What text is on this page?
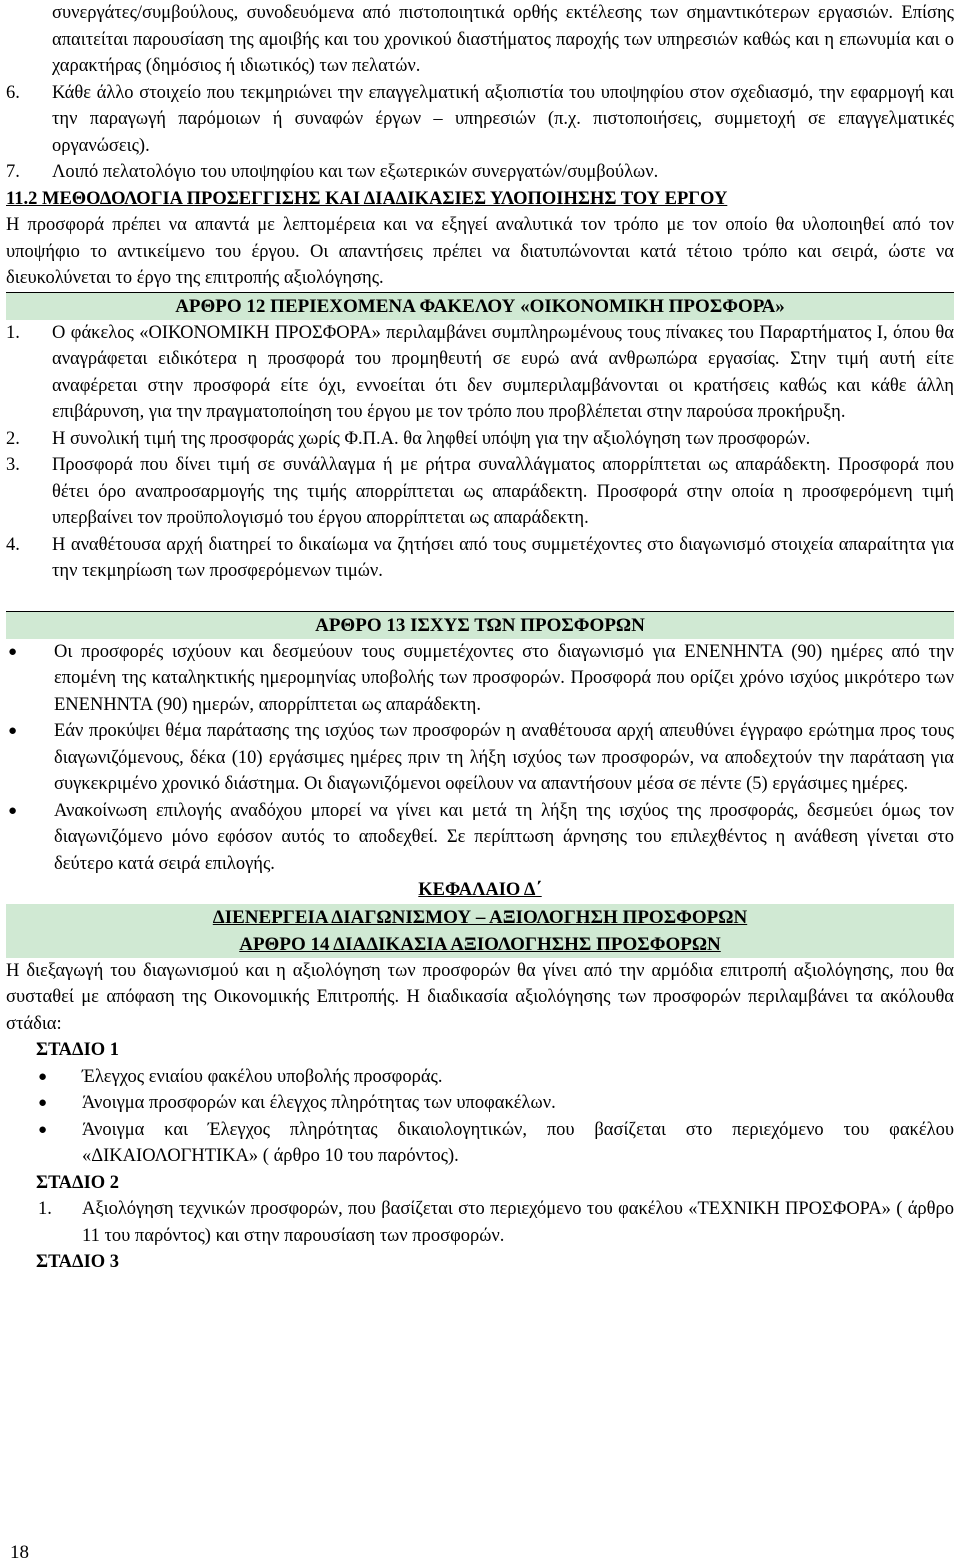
συνεργάτες/συμβούλους, συνοδευόμενα από πιστοποιητικά ορθής εκτέλεσης των σημαντικότερων εργασιών. Επίσης απαιτείται παρουσίαση της αμοιβής και του χρονικού διαστήματος παροχής των υπηρεσιών καθώς και η επωνυμία και ο χαρακτήρας (δημόσιος ή ιδιωτικός) των πελατών.

6.	Κάθε άλλο στοιχείο που τεκμηριώνει την επαγγελματική αξιοπιστία του υποψηφίου στον σχεδιασμό, την εφαρμογή και την παραγωγή παρόμοιων ή συναφών έργων – υπηρεσιών (π.χ. πιστοποιήσεις, συμμετοχή σε επαγγελματικές οργανώσεις).
7.	Λοιπό πελατολόγιο του υποψηφίου και των εξωτερικών συνεργατών/συμβούλων.

11.2 ΜΕΘΟΔΟΛΟΓΙΑ ΠΡΟΣΕΓΓΙΣΗΣ ΚΑΙ ΔΙΑΔΙΚΑΣΙΕΣ ΥΛΟΠΟΙΗΣΗΣ ΤΟΥ ΕΡΓΟΥ

Η προσφορά πρέπει να απαντά με λεπτομέρεια και να εξηγεί αναλυτικά τον τρόπο με τον οποίο θα υλοποιηθεί από τον υποψήφιο το αντικείμενο του έργου. Οι απαντήσεις πρέπει να διατυπώνονται κατά τέτοιο τρόπο και σειρά, ώστε να διευκολύνεται το έργο της επιτροπής αξιολόγησης.

ΑΡΘΡΟ 12 ΠΕΡΙΕΧΟΜΕΝΑ ΦΑΚΕΛΟΥ «ΟΙΚΟΝΟΜΙΚΗ ΠΡΟΣΦΟΡΑ»
1.	Ο φάκελος «ΟΙΚΟΝΟΜΙΚΗ ΠΡΟΣΦΟΡΑ» περιλαμβάνει συμπληρωμένους τους πίνακες του Παραρτήματος Ι, όπου θα αναγράφεται ειδικότερα η προσφορά του προμηθευτή σε ευρώ ανά ανθρωπώρα εργασίας. Στην τιμή αυτή είτε αναφέρεται στην προσφορά είτε όχι, εννοείται ότι δεν συμπεριλαμβάνονται οι κρατήσεις καθώς και κάθε άλλη επιβάρυνση, για την πραγματοποίηση του έργου με τον τρόπο που προβλέπεται στην παρούσα προκήρυξη.
2.	Η συνολική τιμή της προσφοράς χωρίς Φ.Π.Α. θα ληφθεί υπόψη για την αξιολόγηση των προσφορών.
3.	Προσφορά που δίνει τιμή σε συνάλλαγμα ή με ρήτρα συναλλάγματος απορρίπτεται ως απαράδεκτη. Προσφορά που θέτει όρο αναπροσαρμογής της τιμής απορρίπτεται ως απαράδεκτη. Προσφορά στην οποία η προσφερόμενη τιμή υπερβαίνει τον προϋπολογισμό του έργου απορρίπτεται ως απαράδεκτη.
4.	Η αναθέτουσα αρχή διατηρεί το δικαίωμα να ζητήσει από τους συμμετέχοντες στο διαγωνισμό στοιχεία απαραίτητα για την τεκμηρίωση των προσφερόμενων τιμών.
ΑΡΘΡΟ 13 ΙΣΧΥΣ ΤΩΝ ΠΡΟΣΦΟΡΩΝ
●	Οι προσφορές ισχύουν και δεσμεύουν τους συμμετέχοντες στο διαγωνισμό για ΕΝΕΝΗΝΤΑ (90) ημέρες από την επομένη της καταληκτικής ημερομηνίας υποβολής των προσφορών. Προσφορά που ορίζει χρόνο ισχύος μικρότερο των ΕΝΕΝΗΝΤΑ (90) ημερών, απορρίπτεται ως απαράδεκτη.
●	Εάν προκύψει θέμα παράτασης της ισχύος των προσφορών η αναθέτουσα αρχή απευθύνει έγγραφο ερώτημα προς τους διαγωνιζόμενους, δέκα (10) εργάσιμες ημέρες πριν τη λήξη ισχύος των προσφορών, να αποδεχτούν την παράταση για συγκεκριμένο χρονικό διάστημα. Οι διαγωνιζόμενοι οφείλουν να απαντήσουν μέσα σε πέντε (5) εργάσιμες ημέρες.
●	Ανακοίνωση επιλογής αναδόχου μπορεί να γίνει και μετά τη λήξη της ισχύος της προσφοράς, δεσμεύει όμως τον διαγωνιζόμενο μόνο εφόσον αυτός το αποδεχθεί. Σε περίπτωση άρνησης του επιλεχθέντος η ανάθεση γίνεται στο δεύτερο κατά σειρά επιλογής.

ΚΕΦΑΛΑΙΟ Δ΄

ΔΙΕΝΕΡΓΕΙΑ ΔΙΑΓΩΝΙΣΜΟΥ – ΑΞΙΟΛΟΓΗΣΗ ΠΡΟΣΦΟΡΩΝ
ΑΡΘΡΟ 14 ΔΙΑΔΙΚΑΣΙΑ ΑΞΙΟΛΟΓΗΣΗΣ ΠΡΟΣΦΟΡΩΝ

Η διεξαγωγή του διαγωνισμού και η αξιολόγηση των προσφορών θα γίνει από την αρμόδια επιτροπή αξιολόγησης, που θα συσταθεί με απόφαση της Οικονομικής Επιτροπής. Η διαδικασία αξιολόγησης των προσφορών περιλαμβάνει τα ακόλουθα στάδια:

ΣΤΑΔΙΟ 1

●	Έλεγχος ενιαίου φακέλου υποβολής προσφοράς.
●	Άνοιγμα προσφορών και έλεγχος πληρότητας των υποφακέλων.
●	Άνοιγμα και Έλεγχος πληρότητας δικαιολογητικών, που βασίζεται στο περιεχόμενο του φακέλου «ΔΙΚΑΙΟΛΟΓΗΤΙΚΑ» ( άρθρο 10 του παρόντος).

ΣΤΑΔΙΟ 2

1.	Αξιολόγηση τεχνικών προσφορών, που βασίζεται στο περιεχόμενο του φακέλου «ΤΕΧΝΙΚΗ ΠΡΟΣΦΟΡΑ» ( άρθρο 11 του παρόντος) και στην παρουσίαση των προσφορών.

ΣΤΑΔΙΟ 3

18
